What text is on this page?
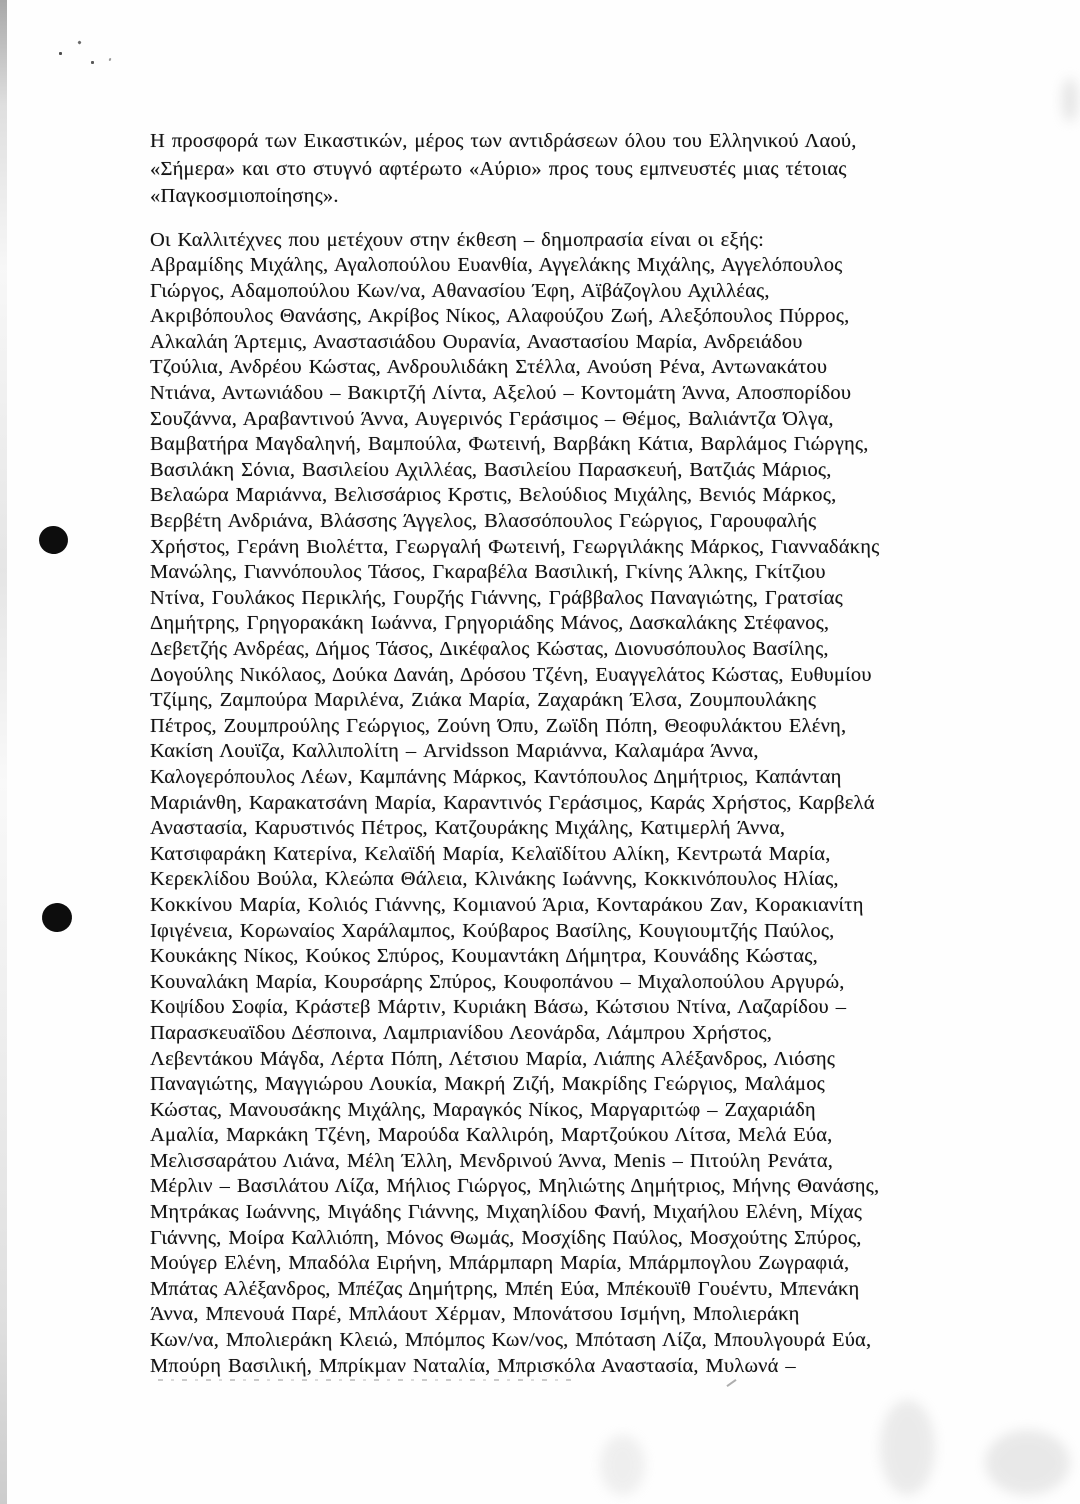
Η προσφορά των Εικαστικών, μέρος των αντιδράσεων όλου του Ελληνικού Λαού,
«Σήμερα» και στο στυγνό αφτέρωτο «Αύριο» προς τους εμπνευστές μιας τέτοιας
«Παγκοσμιοποίησης».
Οι Καλλιτέχνες που μετέχουν στην έκθεση – δημοπρασία είναι οι εξής:
Αβραμίδης Μιχάλης, Αγαλοπούλου Ευανθία, Αγγελάκης Μιχάλης, Αγγελόπουλος
Γιώργος, Αδαμοπούλου Κων/να, Αθανασίου Έφη, Αϊβάζογλου Αχιλλέας,
Ακριβόπουλος Θανάσης, Ακρίβος Νίκος, Αλαφούζου Ζωή, Αλεξόπουλος Πύρρος,
Αλκαλάη Άρτεμις, Αναστασιάδου Ουρανία, Αναστασίου Μαρία, Ανδρειάδου
Τζούλια, Ανδρέου Κώστας, Ανδρουλιδάκη Στέλλα, Ανούση Ρένα, Αντωνακάτου
Ντιάνα, Αντωνιάδου – Βακιρτζή Λίντα, Αξελού – Κοντομάτη Άννα, Αποσπορίδου
Σουζάννα, Αραβαντινού Άννα, Αυγερινός Γεράσιμος – Θέμος, Βαλιάντζα Όλγα,
Βαμβατήρα Μαγδαληνή, Βαμπούλα, Φωτεινή, Βαρβάκη Κάτια, Βαρλάμος Γιώργης,
Βασιλάκη Σόνια, Βασιλείου Αχιλλέας, Βασιλείου Παρασκευή, Βατζιάς Μάριος,
Βελαώρα Μαριάννα, Βελισσάριος Κρστις, Βελούδιος Μιχάλης, Βενιός Μάρκος,
Βερβέτη Ανδριάνα, Βλάσσης Άγγελος, Βλασσόπουλος Γεώργιος, Γαρουφαλής
Χρήστος, Γεράνη Βιολέττα, Γεωργαλή Φωτεινή, Γεωργιλάκης Μάρκος, Γιανναδάκης
Μανώλης, Γιαννόπουλος Τάσος, Γκαραβέλα Βασιλική, Γκίνης Άλκης, Γκίτζιου
Ντίνα, Γουλάκος Περικλής, Γουρζής Γιάννης, Γράββαλος Παναγιώτης, Γρατσίας
Δημήτρης, Γρηγορακάκη Ιωάννα, Γρηγοριάδης Μάνος, Δασκαλάκης Στέφανος,
Δεβετζής Ανδρέας, Δήμος Τάσος, Δικέφαλος Κώστας, Διονυσόπουλος Βασίλης,
Δογούλης Νικόλαος, Δούκα Δανάη, Δρόσου Τζένη, Ευαγγελάτος Κώστας, Ευθυμίου
Τζίμης, Ζαμπούρα Μαριλένα, Ζιάκα Μαρία, Ζαχαράκη Έλσα, Ζουμπουλάκης
Πέτρος, Ζουμπρούλης Γεώργιος, Ζούνη Όπυ, Ζωϊδη Πόπη, Θεοφυλάκτου Ελένη,
Κακίση Λουϊζα, Καλλιπολίτη – Arvidsson Μαριάννα, Καλαμάρα Άννα,
Καλογερόπουλος Λέων, Καμπάνης Μάρκος, Καντόπουλος Δημήτριος, Καπάνταη
Μαριάνθη, Καρακατσάνη Μαρία, Καραντινός Γεράσιμος, Καράς Χρήστος, Καρβελά
Αναστασία, Καρυστινός Πέτρος, Κατζουράκης Μιχάλης, Κατιμερλή Άννα,
Κατσιφαράκη Κατερίνα, Κελαϊδή Μαρία, Κελαϊδίτου Αλίκη, Κεντρωτά Μαρία,
Κερεκλίδου Βούλα, Κλεώπα Θάλεια, Κλινάκης Ιωάννης, Κοκκινόπουλος Ηλίας,
Κοκκίνου Μαρία, Κολιός Γιάννης, Κομιανού Άρια, Κονταράκου Ζαν, Κορακιανίτη
Ιφιγένεια, Κορωναίος Χαράλαμπος, Κούβαρος Βασίλης, Κουγιουμτζής Παύλος,
Κουκάκης Νίκος, Κούκος Σπύρος, Κουμαντάκη Δήμητρα, Κουνάδης Κώστας,
Κουναλάκη Μαρία, Κουρσάρης Σπύρος, Κουφοπάνου – Μιχαλοπούλου Αργυρώ,
Κοψίδου Σοφία, Κράστεβ Μάρτιν, Κυριάκη Βάσω, Κώτσιου Ντίνα, Λαζαρίδου –
Παρασκευαϊδου Δέσποινα, Λαμπριανίδου Λεονάρδα, Λάμπρου Χρήστος,
Λεβεντάκου Μάγδα, Λέρτα Πόπη, Λέτσιου Μαρία, Λιάπης Αλέξανδρος, Λιόσης
Παναγιώτης, Μαγγιώρου Λουκία, Μακρή Ζιζή, Μακρίδης Γεώργιος, Μαλάμος
Κώστας, Μανουσάκης Μιχάλης, Μαραγκός Νίκος, Μαργαριτώφ – Ζαχαριάδη
Αμαλία, Μαρκάκη Τζένη, Μαρούδα Καλλιρόη, Μαρτζούκου Λίτσα, Μελά Εύα,
Μελισσαράτου Λιάνα, Μέλη Έλλη, Μενδρινού Άννα, Menis – Πιτούλη Ρενάτα,
Μέρλιν – Βασιλάτου Λίζα, Μήλιος Γιώργος, Μηλιώτης Δημήτριος, Μήνης Θανάσης,
Μητράκας Ιωάννης, Μιγάδης Γιάννης, Μιχαηλίδου Φανή, Μιχαήλου Ελένη, Μίχας
Γιάννης, Μοίρα Καλλιόπη, Μόνος Θωμάς, Μοσχίδης Παύλος, Μοσχούτης Σπύρος,
Μούγερ Ελένη, Μπαδόλα Ειρήνη, Μπάρμπαρη Μαρία, Μπάρμπογλου Ζωγραφιά,
Μπάτας Αλέξανδρος, Μπέζας Δημήτρης, Μπέη Εύα, Μπέκουϊθ Γουέντυ, Μπενάκη
Άννα, Μπενουά Παρέ, Μπλάουτ Χέρμαν, Μπονάτσου Ισμήνη, Μπολιεράκη
Κων/να, Μπολιεράκη Κλειώ, Μπόμπος Κων/νος, Μπόταση Λίζα, Μπουλγουρά Εύα,
Μπούρη Βασιλική, Μπρίκμαν Ναταλία, Μπρισκόλα Αναστασία, Μυλωνά –
